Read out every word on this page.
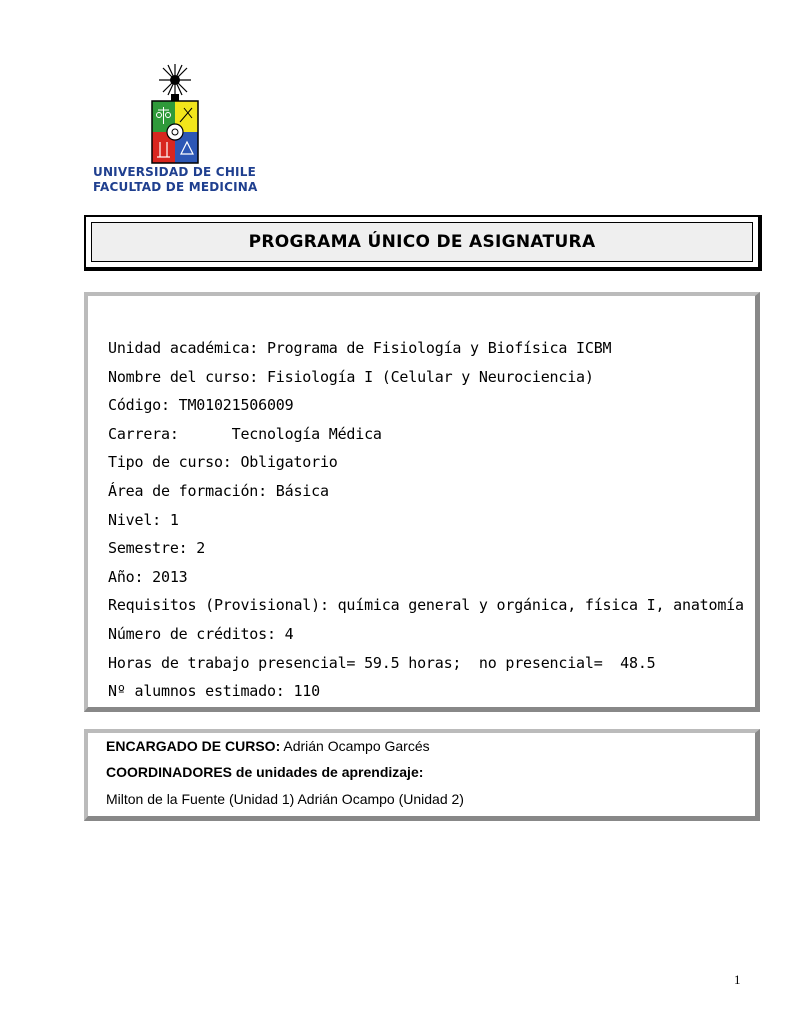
UNIVERSIDAD DE CHILE
FACULTAD DE MEDICINA
PROGRAMA ÚNICO DE ASIGNATURA
Unidad académica: Programa de Fisiología y Biofísica ICBM
Nombre del curso: Fisiología I (Celular y Neurociencia)
Código: TM01021506009
Carrera:      Tecnología Médica
Tipo de curso: Obligatorio
Área de formación: Básica
Nivel: 1
Semestre: 2
Año: 2013
Requisitos (Provisional): química general y orgánica, física I, anatomía
Número de créditos: 4
Horas de trabajo presencial= 59.5 horas;  no presencial=  48.5
Nº alumnos estimado: 110
ENCARGADO DE CURSO: Adrián Ocampo Garcés
COORDINADORES de unidades de aprendizaje:
Milton de la Fuente (Unidad 1) Adrián Ocampo (Unidad 2)
1
